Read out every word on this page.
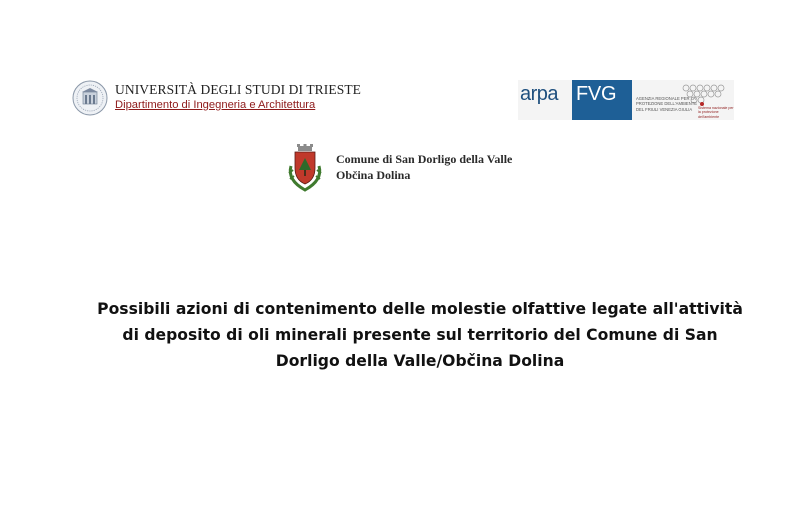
UNIVERSITÀ DEGLI STUDI DI TRIESTE
Dipartimento di Ingegneria e Architettura	arpa FVG	AGENZIA REGIONALE PER LA PROTEZIONE DELL'AMBIENTE DEL FRIULI VENEZIA GIULIA	Sistema nazionale per la protezione dell'ambiente
Comune di San Dorligo della Valle
Občina Dolina
Possibili azioni di contenimento delle molestie olfattive legate all'attività
di deposito di oli minerali presente sul territorio del Comune di San
Dorligo della Valle/Občina Dolina
